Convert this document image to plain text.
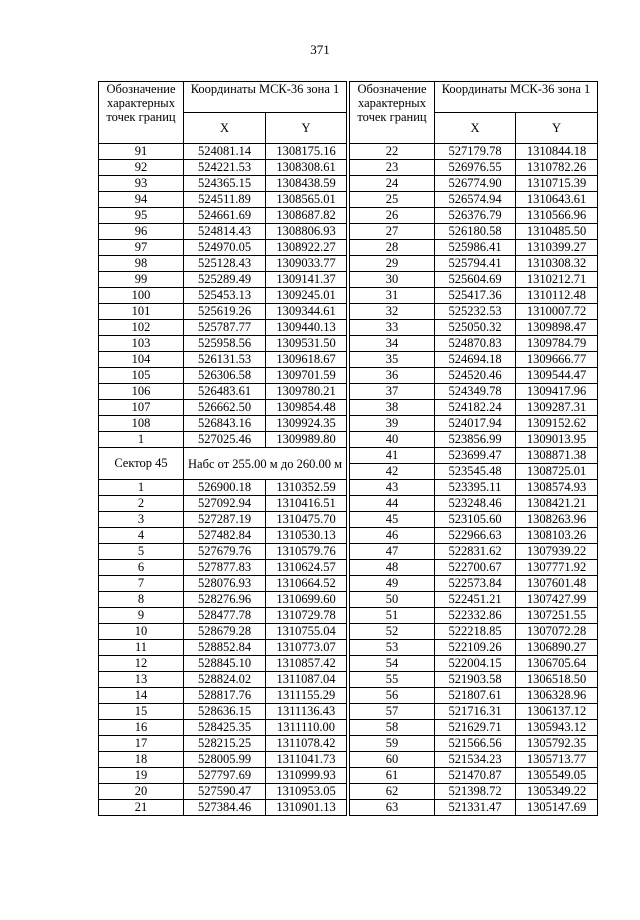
371
Обозначение характерных точек границ	Координаты МСК-36 зона 1	
	X	Y
91	524081.14	1308175.16
92	524221.53	1308308.61
93	524365.15	1308438.59
94	524511.89	1308565.01
95	524661.69	1308687.82
96	524814.43	1308806.93
97	524970.05	1308922.27
98	525128.43	1309033.77
99	525289.49	1309141.37
100	525453.13	1309245.01
101	525619.26	1309344.61
102	525787.77	1309440.13
103	525958.56	1309531.50
104	526131.53	1309618.67
105	526306.58	1309701.59
106	526483.61	1309780.21
107	526662.50	1309854.48
108	526843.16	1309924.35
1	527025.46	1309989.80
Сектор 45	Набс от 255.00 м до 260.00 м	
1	526900.18	1310352.59
2	527092.94	1310416.51
3	527287.19	1310475.70
4	527482.84	1310530.13
5	527679.76	1310579.76
6	527877.83	1310624.57
7	528076.93	1310664.52
8	528276.96	1310699.60
9	528477.78	1310729.78
10	528679.28	1310755.04
11	528852.84	1310773.07
12	528845.10	1310857.42
13	528824.02	1311087.04
14	528817.76	1311155.29
15	528636.15	1311136.43
16	528425.35	1311110.00
17	528215.25	1311078.42
18	528005.99	1311041.73
19	527797.69	1310999.93
20	527590.47	1310953.05
21	527384.46	1310901.13
Обозначение характерных точек границ	Координаты МСК-36 зона 1	
	X	Y
22	527179.78	1310844.18
23	526976.55	1310782.26
24	526774.90	1310715.39
25	526574.94	1310643.61
26	526376.79	1310566.96
27	526180.58	1310485.50
28	525986.41	1310399.27
29	525794.41	1310308.32
30	525604.69	1310212.71
31	525417.36	1310112.48
32	525232.53	1310007.72
33	525050.32	1309898.47
34	524870.83	1309784.79
35	524694.18	1309666.77
36	524520.46	1309544.47
37	524349.78	1309417.96
38	524182.24	1309287.31
39	524017.94	1309152.62
40	523856.99	1309013.95
41	523699.47	1308871.38
42	523545.48	1308725.01
43	523395.11	1308574.93
44	523248.46	1308421.21
45	523105.60	1308263.96
46	522966.63	1308103.26
47	522831.62	1307939.22
48	522700.67	1307771.92
49	522573.84	1307601.48
50	522451.21	1307427.99
51	522332.86	1307251.55
52	522218.85	1307072.28
53	522109.26	1306890.27
54	522004.15	1306705.64
55	521903.58	1306518.50
56	521807.61	1306328.96
57	521716.31	1306137.12
58	521629.71	1305943.12
59	521566.56	1305792.35
60	521534.23	1305713.77
61	521470.87	1305549.05
62	521398.72	1305349.22
63	521331.47	1305147.69
